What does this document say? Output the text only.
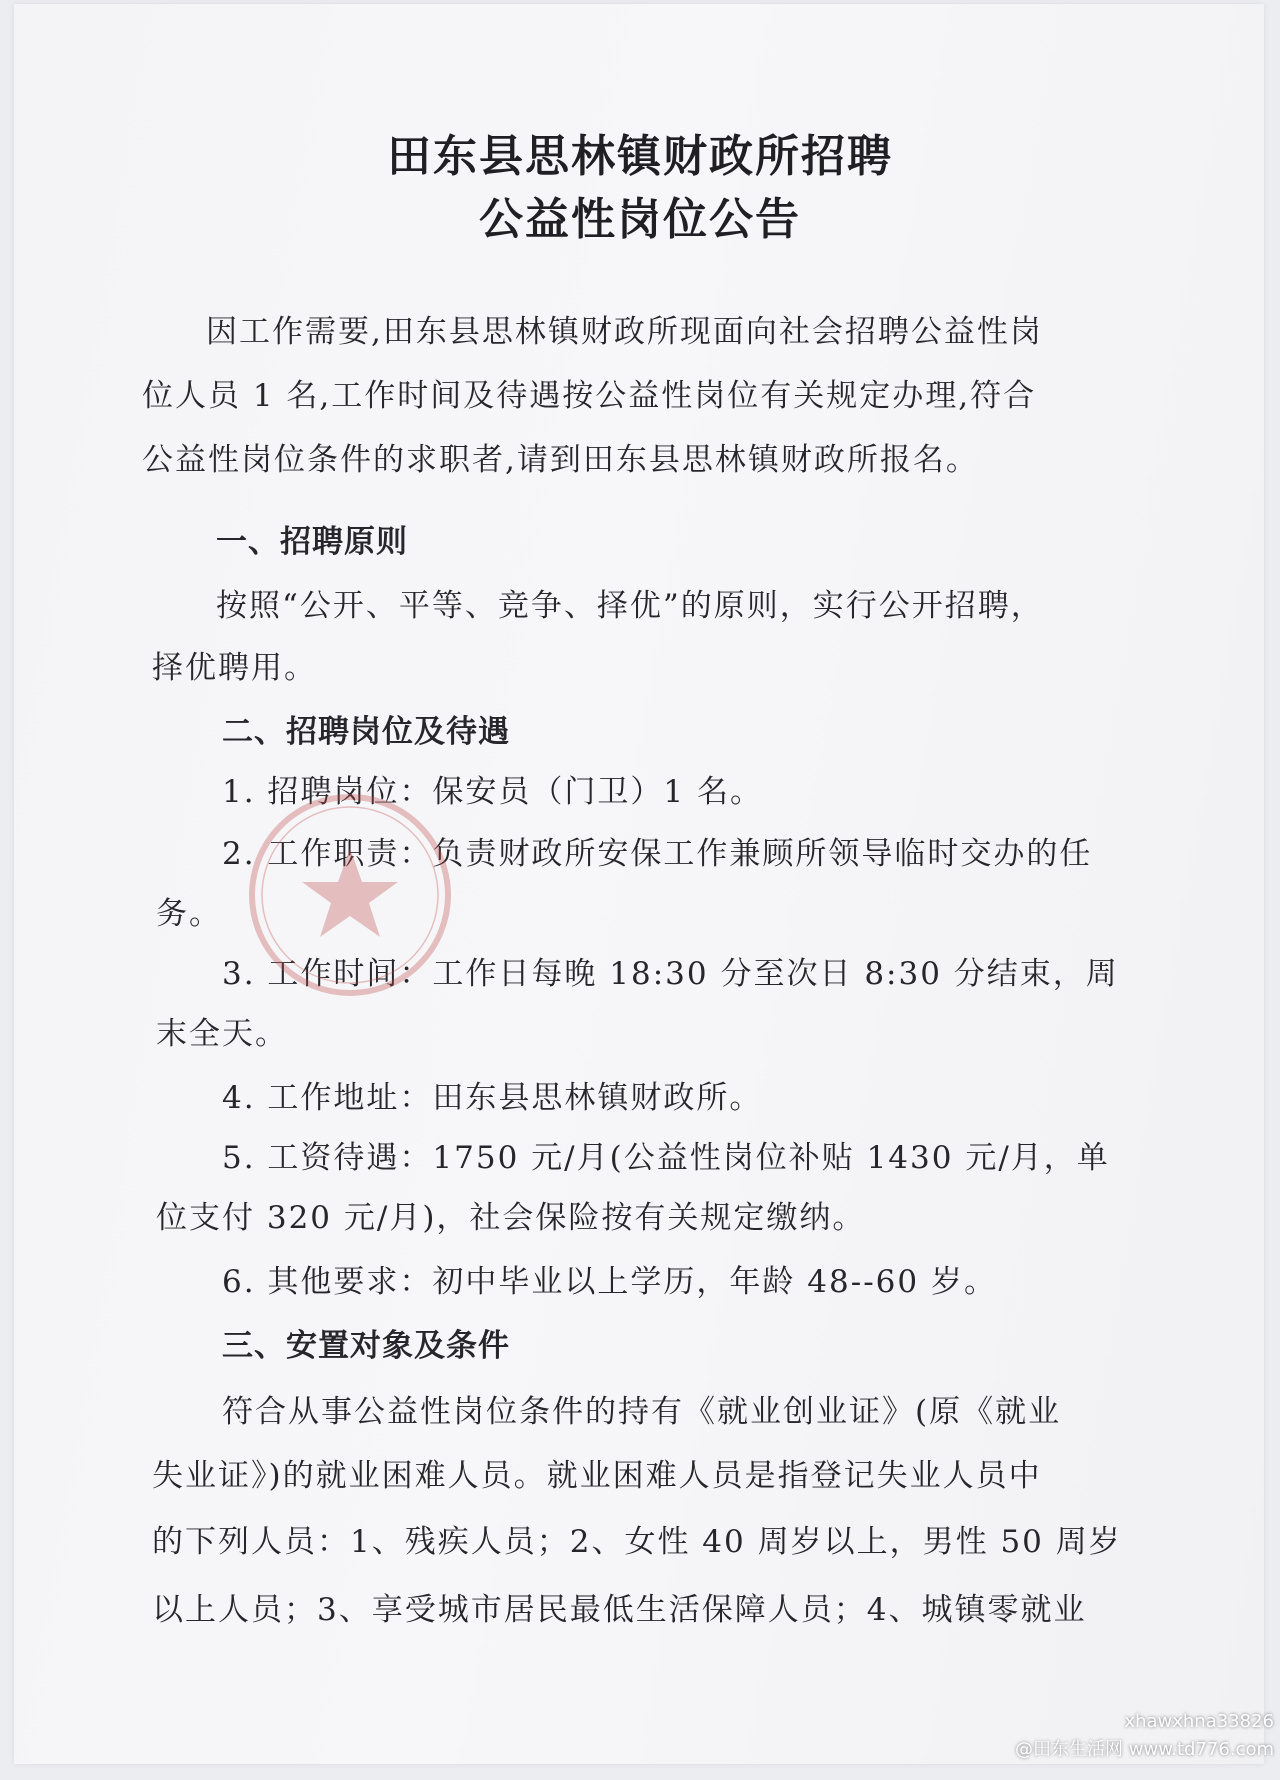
田东县思林镇财政所招聘
公益性岗位公告
因工作需要,田东县思林镇财政所现面向社会招聘公益性岗
位人员 1 名,工作时间及待遇按公益性岗位有关规定办理,符合
公益性岗位条件的求职者,请到田东县思林镇财政所报名。
一、招聘原则
按照“公开、平等、竞争、择优”的原则，实行公开招聘，
择优聘用。
二、招聘岗位及待遇
1. 招聘岗位：保安员（门卫）1 名。
2. 工作职责：负责财政所安保工作兼顾所领导临时交办的任
务。
3. 工作时间：工作日每晚 18:30 分至次日 8:30 分结束，周
末全天。
4. 工作地址：田东县思林镇财政所。
5. 工资待遇：1750 元/月(公益性岗位补贴 1430 元/月，单
位支付 320 元/月)，社会保险按有关规定缴纳。
6. 其他要求：初中毕业以上学历，年龄 48--60 岁。
三、安置对象及条件
符合从事公益性岗位条件的持有《就业创业证》(原《就业
失业证》)的就业困难人员。就业困难人员是指登记失业人员中
的下列人员：1、残疾人员；2、女性 40 周岁以上，男性 50 周岁
以上人员；3、享受城市居民最低生活保障人员；4、城镇零就业
xhawxhna33826
@田东生活网 www.td776.com
